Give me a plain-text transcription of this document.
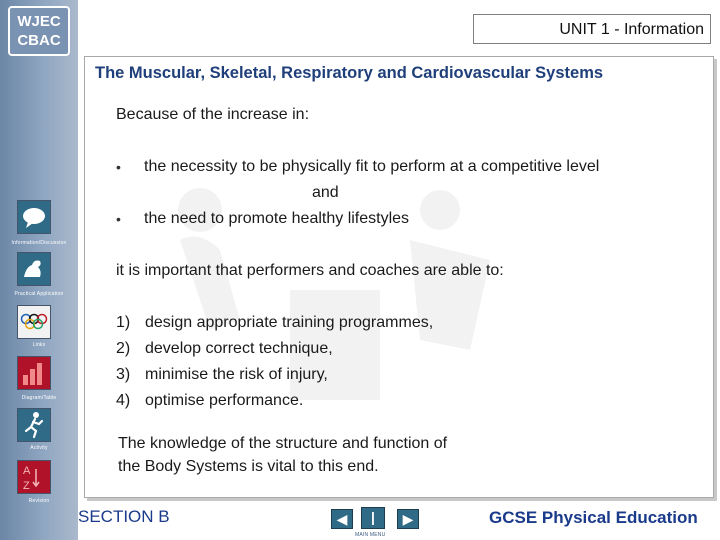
WJEC
CBAC
Information/Discussion
Practical Application
Links
Diagram/Table
Activity
A
Z
Revision
UNIT 1 - Information
The Muscular, Skeletal, Respiratory and Cardiovascular Systems
Because of the increase in:
• the necessity to be physically fit to perform at a competitive level
and
• the need to promote healthy lifestyles
it is important that performers and coaches are able to:
1) design appropriate training programmes,
2) develop correct technique,
3) minimise the risk of injury,
4) optimise performance.
The knowledge of the structure and function of
the Body Systems is vital to this end.
SECTION B	◀	|
MAIN MENU
▶	GCSE Physical Education
